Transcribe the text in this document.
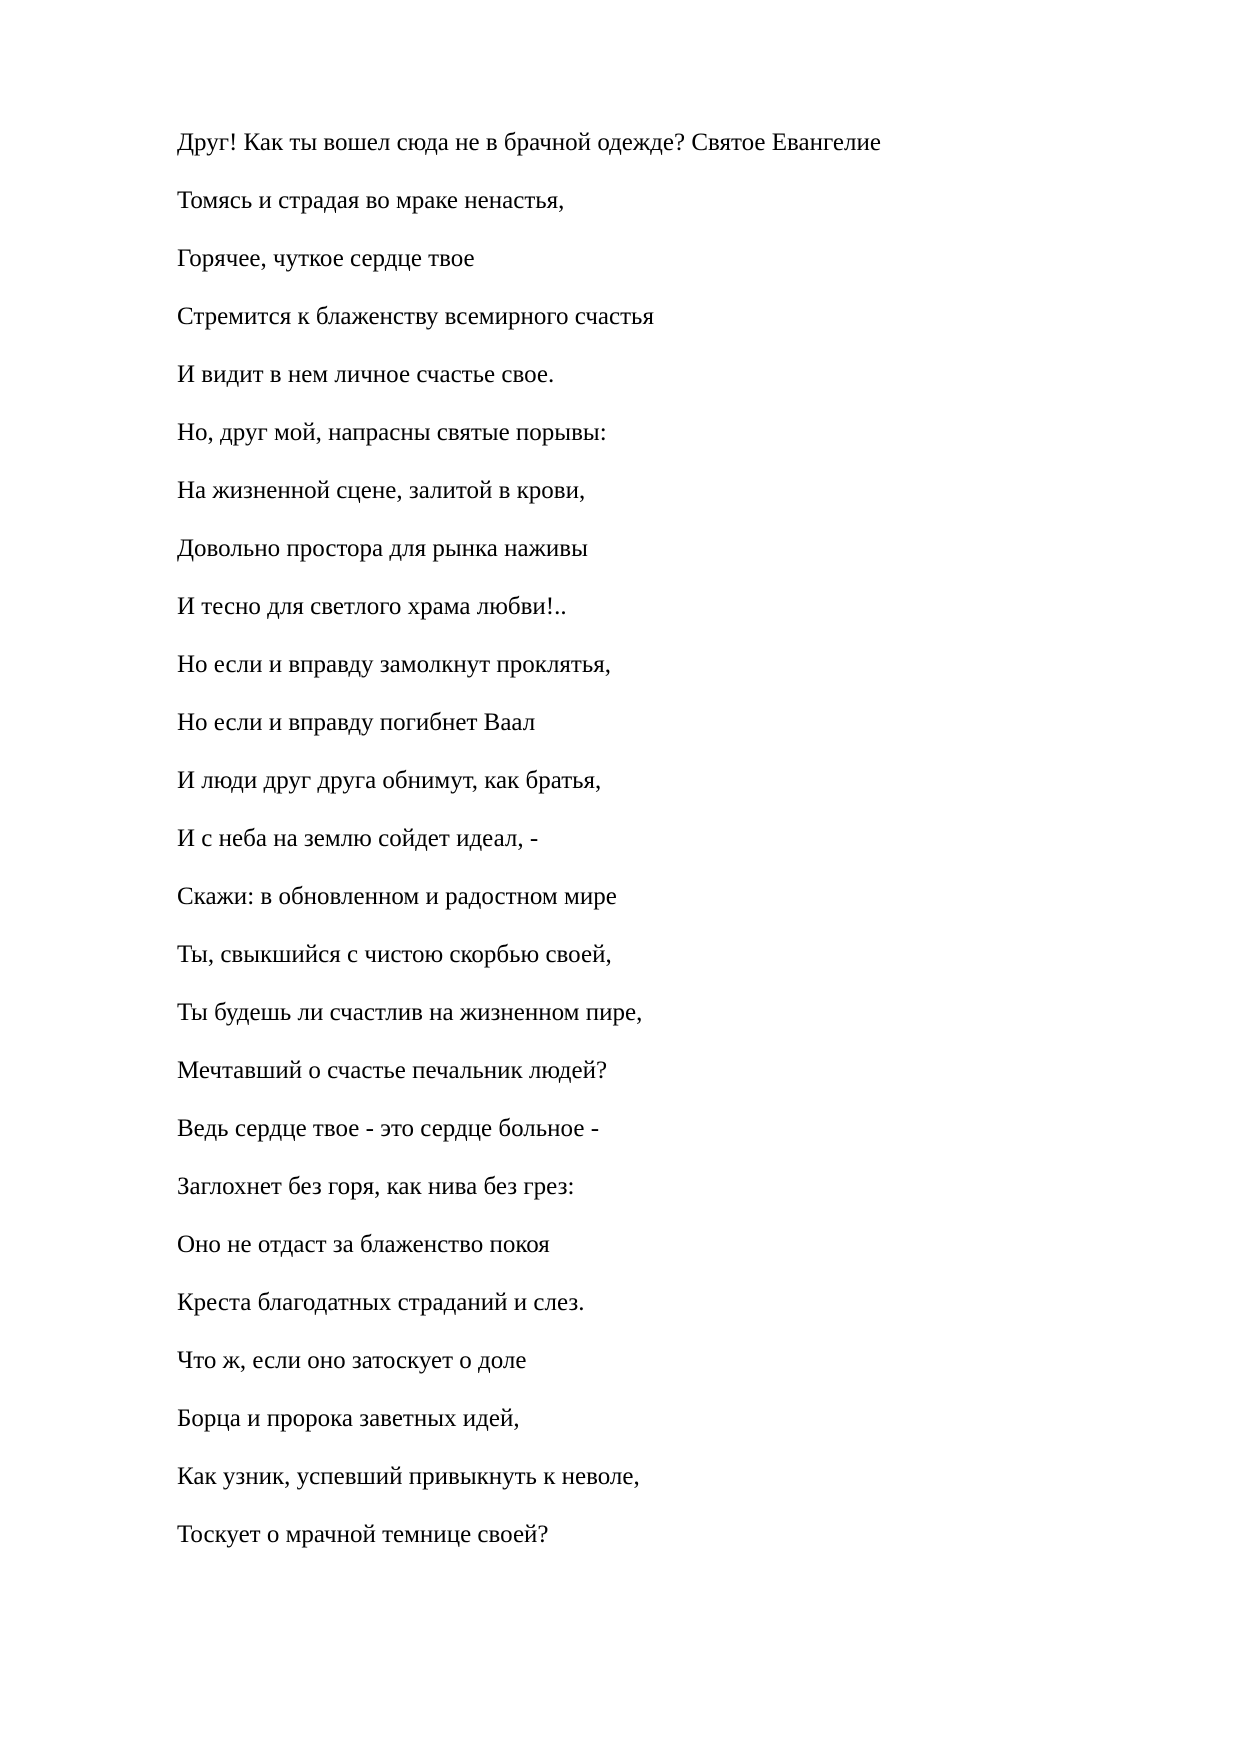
Друг! Как ты вошел сюда не в брачной одежде? Святое Евангелие

Томясь и страдая во мраке ненастья,

Горячее, чуткое сердце твое

Стремится к блаженству всемирного счастья

И видит в нем личное счастье свое.

Но, друг мой, напрасны святые порывы:

На жизненной сцене, залитой в крови,

Довольно простора для рынка наживы

И тесно для светлого храма любви!..

Но если и вправду замолкнут проклятья,

Но если и вправду погибнет Ваал

И люди друг друга обнимут, как братья,

И с неба на землю сойдет идеал, -

Скажи: в обновленном и радостном мире

Ты, свыкшийся с чистою скорбью своей,

Ты будешь ли счастлив на жизненном пире,

Мечтавший о счастье печальник людей?

Ведь сердце твое - это сердце больное -

Заглохнет без горя, как нива без грез:

Оно не отдаст за блаженство покоя

Креста благодатных страданий и слез.

Что ж, если оно затоскует о доле

Борца и пророка заветных идей,

Как узник, успевший привыкнуть к неволе,

Тоскует о мрачной темнице своей?
